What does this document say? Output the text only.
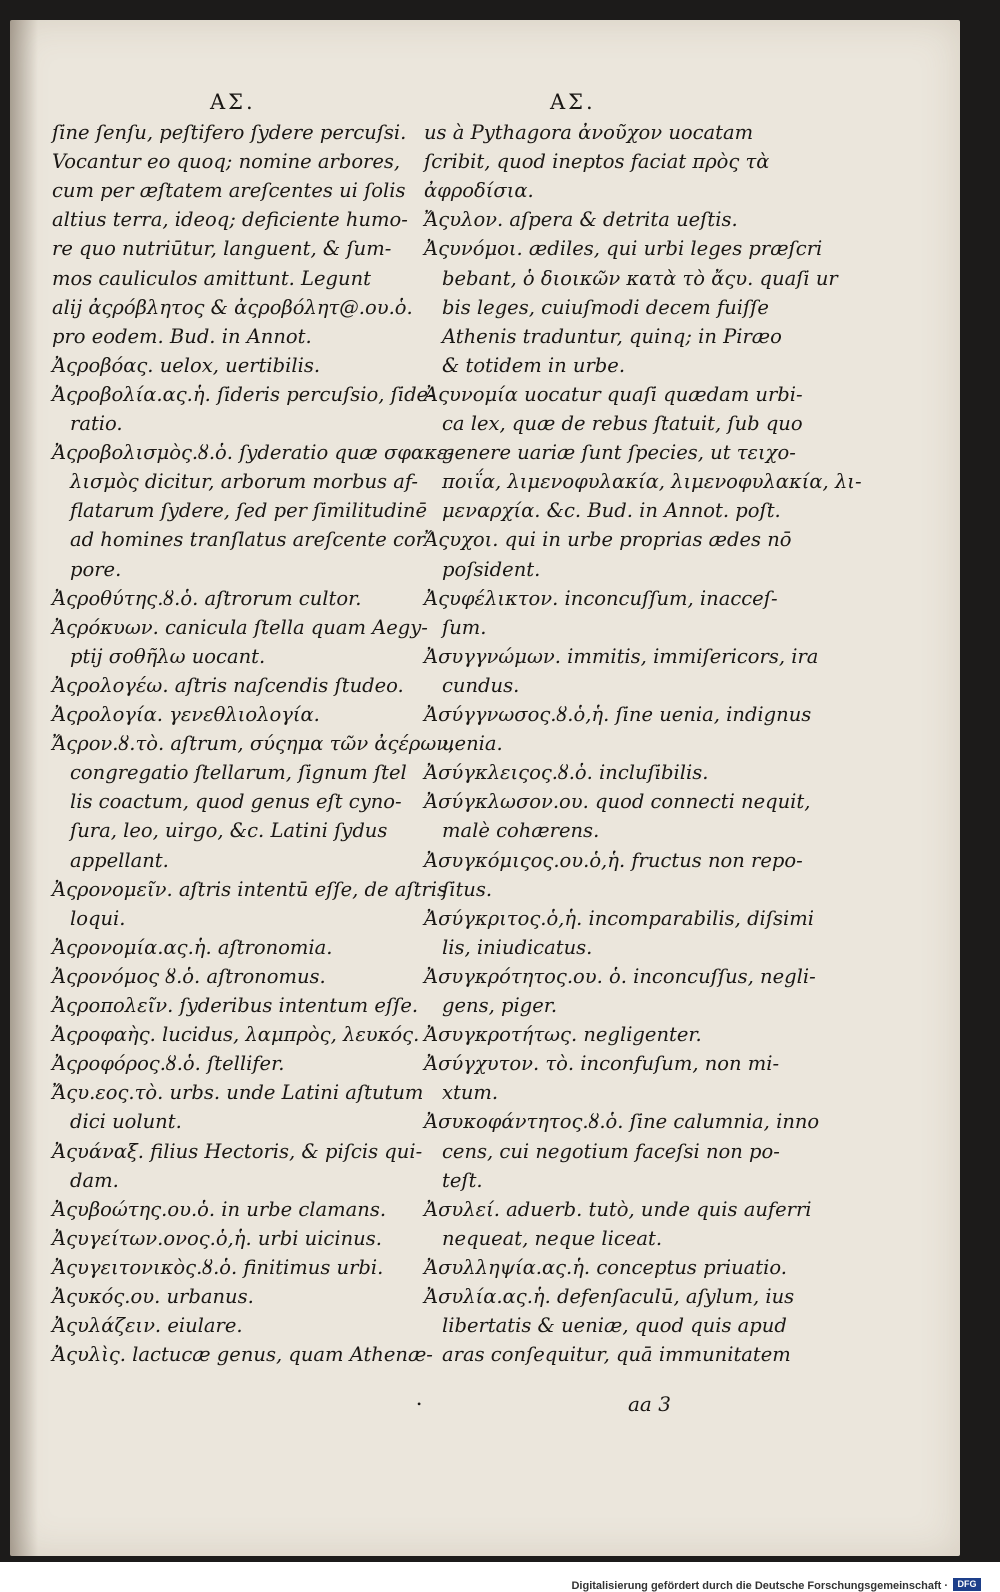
ΑΣ.	ΑΣ.
ſine ſenſu, peſtifero ſydere percuſsi.
Vocantur eo quoq; nomine arbores,
cum per æſtatem areſcentes ui ſolis
altius terra, ideoq; deficiente humo-
re quo nutriūtur, languent, & ſum-
mos cauliculos amittunt. Legunt
alij ἀςρόβλητος & ἀςροβόλητ@.ου.ὁ.
pro eodem. Bud. in Annot.
Ἀςροβόας. uelox, uertibilis.
Ἀςροβολία.ας.ἡ. ſideris percuſsio, ſide-
ratio.
Ἀςροβολισμὸς.ȣ.ὁ. ſyderatio quæ σφακε-
λισμὸς dicitur, arborum morbus af-
flatarum ſydere, ſed per ſimilitudinē
ad homines tranſlatus areſcente cor
pore.
Ἀςροθύτης.ȣ.ὁ. aſtrorum cultor.
Ἀςρόκυων. canicula ſtella quam Aegy-
ptij σοθῆλω uocant.
Ἀςρολογέω. aſtris naſcendis ſtudeo.
Ἀςρολογία. γενεθλιολογία.
Ἄςρον.ȣ.τὸ. aſtrum, σύςημα τῶν ἀςέρων,
congregatio ſtellarum, ſignum ſtel
lis coactum, quod genus eſt cyno-
ſura, leo, uirgo, &c. Latini ſydus
appellant.
Ἀςρονομεῖν. aſtris intentū eſſe, de aſtris
loqui.
Ἀςρονομία.ας.ἡ. aſtronomia.
Ἀςρονόμος ȣ.ὁ. aſtronomus.
Ἀςροπολεῖν. ſyderibus intentum eſſe.
Ἀςροφαὴς. lucidus, λαμπρὸς, λευκός.
Ἀςροφόρος.ȣ.ὁ. ſtellifer.
Ἄςυ.εος.τὸ. urbs. unde Latini aſtutum
dici uolunt.
Ἀςυάναξ. filius Hectoris, & piſcis qui-
dam.
Ἀςυβοώτης.ου.ὁ. in urbe clamans.
Ἀςυγείτων.ονος.ὁ,ἡ. urbi uicinus.
Ἀςυγειτονικὸς.ȣ.ὁ. finitimus urbi.
Ἀςυκός.ου. urbanus.
Ἀςυλάζειν. eiulare.
Ἀςυλὶς. lactucæ genus, quam Athenæ-
us à Pythagora ἀνοῦχον uocatam
ſcribit, quod ineptos faciat πρὸς τὰ
ἀφροδίσια.
Ἄςυλον. aſpera & detrita ueſtis.
Ἀςυνόμοι. ædiles, qui urbi leges præſcri
bebant, ὁ διοικῶν κατὰ τὸ ἄςυ. quaſi ur
bis leges, cuiuſmodi decem fuiſſe
Athenis traduntur, quinq; in Piræo
& totidem in urbe.
Ἀςυνομία uocatur quaſi quædam urbi-
ca lex, quæ de rebus ſtatuit, ſub quo
genere uariæ ſunt ſpecies, ut τειχο-
ποιΐα, λιμενοφυλακία, λιμενοφυλακία, λι-
μεναρχία. &c. Bud. in Annot. poſt.
Ἄςυχοι. qui in urbe proprias ædes nō
poſsident.
Ἀςυφέλικτον. inconcuſſum, inacceſ-
ſum.
Ἀσυγγνώμων. immitis, immiſericors, ira
cundus.
Ἀσύγγνωσος.ȣ.ὁ,ἡ. ſine uenia, indignus
uenia.
Ἀσύγκλειςος.ȣ.ὁ. incluſibilis.
Ἀσύγκλωσον.ου. quod connecti nequit,
malè cohærens.
Ἀσυγκόμιςος.ου.ὁ,ἡ. fructus non repo-
ſitus.
Ἀσύγκριτος.ὁ,ἡ. incomparabilis, diſsimi
lis, iniudicatus.
Ἀσυγκρότητος.ου. ὁ. inconcuſſus, negli-
gens, piger.
Ἀσυγκροτήτως. negligenter.
Ἀσύγχυτον. τὸ. inconfuſum, non mi-
xtum.
Ἀσυκοφάντητος.ȣ.ὁ. ſine calumnia, inno
cens, cui negotium faceſsi non po-
teſt.
Ἀσυλεί. aduerb. tutò, unde quis auferri
nequeat, neque liceat.
Ἀσυλληψία.ας.ἡ. conceptus priuatio.
Ἀσυλία.ας.ἡ. defenſaculū, aſylum, ius
libertatis & ueniæ, quod quis apud
aras conſequitur, quā immunitatem
•	aa 3
Digitalisierung gefördert durch die Deutsche Forschungsgemeinschaft ·	DFG
